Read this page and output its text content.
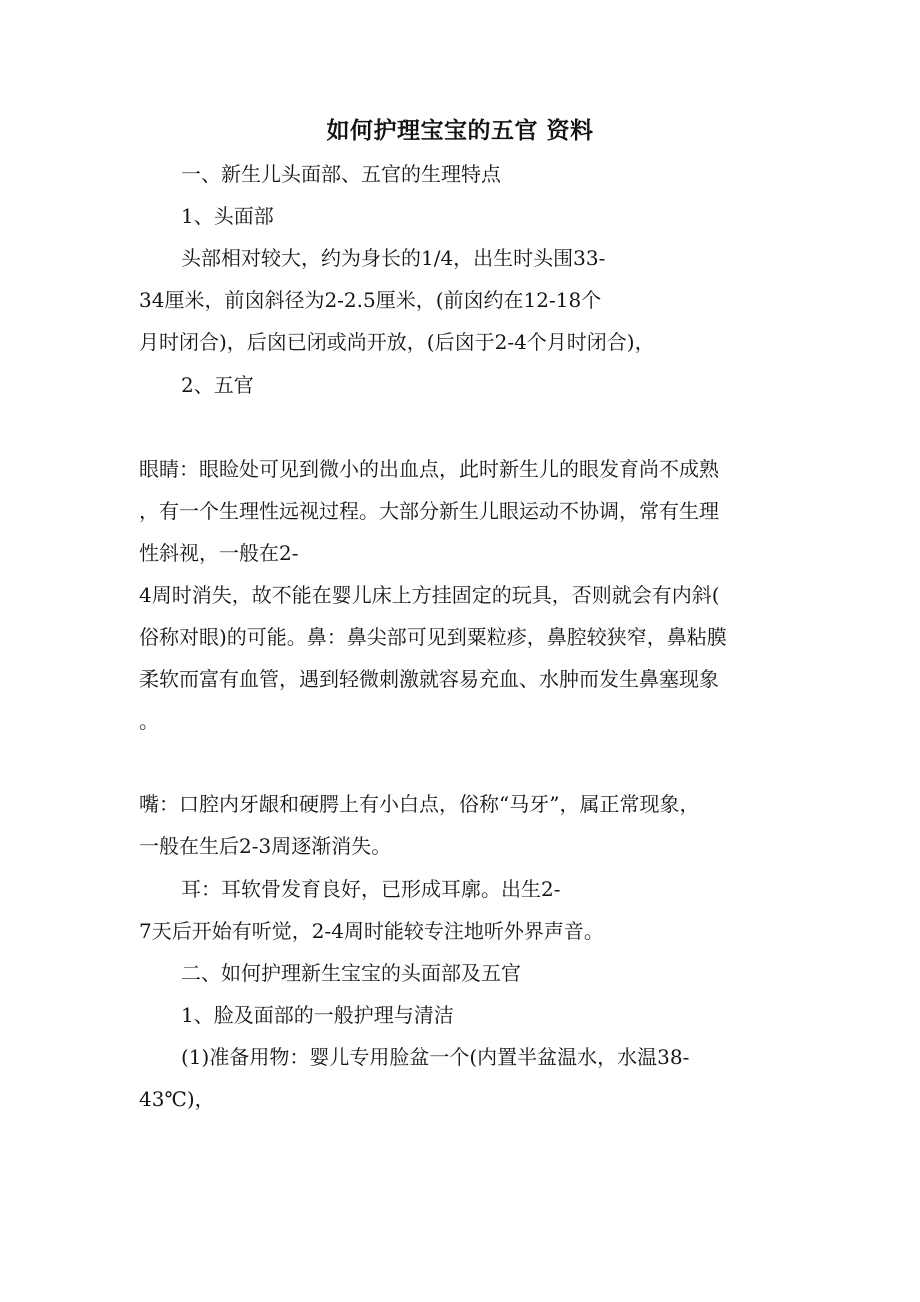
如何护理宝宝的五官 资料
一、新生儿头面部、五官的生理特点
1、头面部
头部相对较大，约为身长的1/4，出生时头围33-
34厘米，前囟斜径为2-2.5厘米，(前囟约在12-18个
月时闭合)，后囟已闭或尚开放，(后囟于2-4个月时闭合)，
2、五官
眼睛：眼睑处可见到微小的出血点，此时新生儿的眼发育尚不成熟
，有一个生理性远视过程。大部分新生儿眼运动不协调，常有生理
性斜视，一般在2-
4周时消失，故不能在婴儿床上方挂固定的玩具，否则就会有内斜(
俗称对眼)的可能。鼻：鼻尖部可见到粟粒疹，鼻腔较狭窄，鼻粘膜
柔软而富有血管，遇到轻微刺激就容易充血、水肿而发生鼻塞现象
。
嘴：口腔内牙龈和硬腭上有小白点，俗称“马牙”，属正常现象，
一般在生后2-3周逐渐消失。
耳：耳软骨发育良好，已形成耳廓。出生2-
7天后开始有听觉，2-4周时能较专注地听外界声音。
二、如何护理新生宝宝的头面部及五官
1、脸及面部的一般护理与清洁
(1)准备用物：婴儿专用脸盆一个(内置半盆温水，水温38-
43℃)，
